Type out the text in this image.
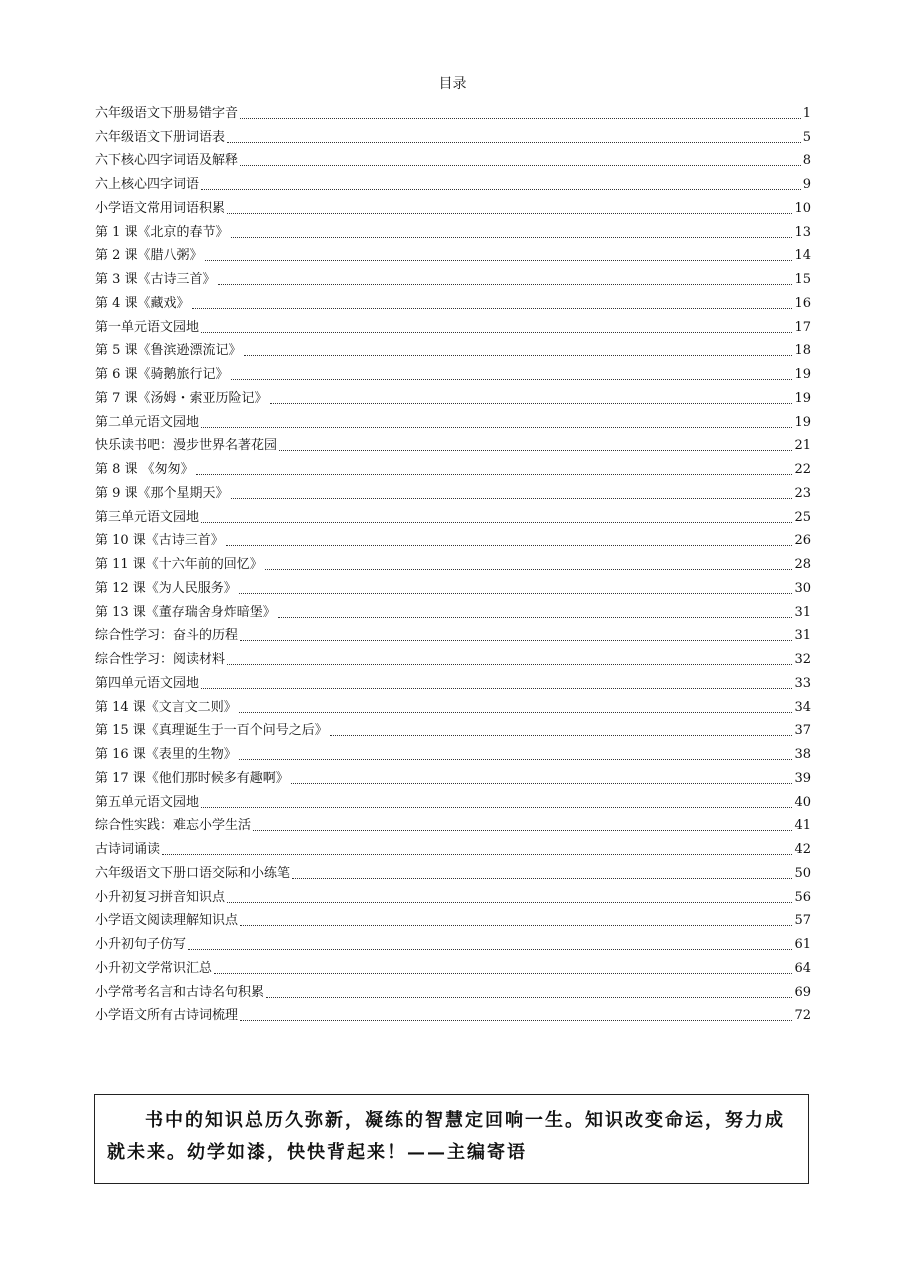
目录
六年级语文下册易错字音	1
六年级语文下册词语表	5
六下核心四字词语及解释	8
六上核心四字词语	9
小学语文常用词语积累	10
第 1 课《北京的春节》	13
第 2 课《腊八粥》	14
第 3 课《古诗三首》	15
第 4 课《藏戏》	16
第一单元语文园地	17
第 5 课《鲁滨逊漂流记》	18
第 6 课《骑鹅旅行记》	19
第 7 课《汤姆・索亚历险记》	19
第二单元语文园地	19
快乐读书吧：漫步世界名著花园	21
第 8 课 《匆匆》	22
第 9 课《那个星期天》	23
第三单元语文园地	25
第 10 课《古诗三首》	26
第 11 课《十六年前的回忆》	28
第 12 课《为人民服务》	30
第 13 课《董存瑞舍身炸暗堡》	31
综合性学习：奋斗的历程	31
综合性学习：阅读材料	32
第四单元语文园地	33
第 14 课《文言文二则》	34
第 15 课《真理诞生于一百个问号之后》	37
第 16 课《表里的生物》	38
第 17 课《他们那时候多有趣啊》	39
第五单元语文园地	40
综合性实践：难忘小学生活	41
古诗词诵读	42
六年级语文下册口语交际和小练笔	50
小升初复习拼音知识点	56
小学语文阅读理解知识点	57
小升初句子仿写	61
小升初文学常识汇总	64
小学常考名言和古诗名句积累	69
小学语文所有古诗词梳理	72
书中的知识总历久弥新，凝练的智慧定回响一生。知识改变命运，努力成就未来。幼学如漆，快快背起来！——主编寄语
